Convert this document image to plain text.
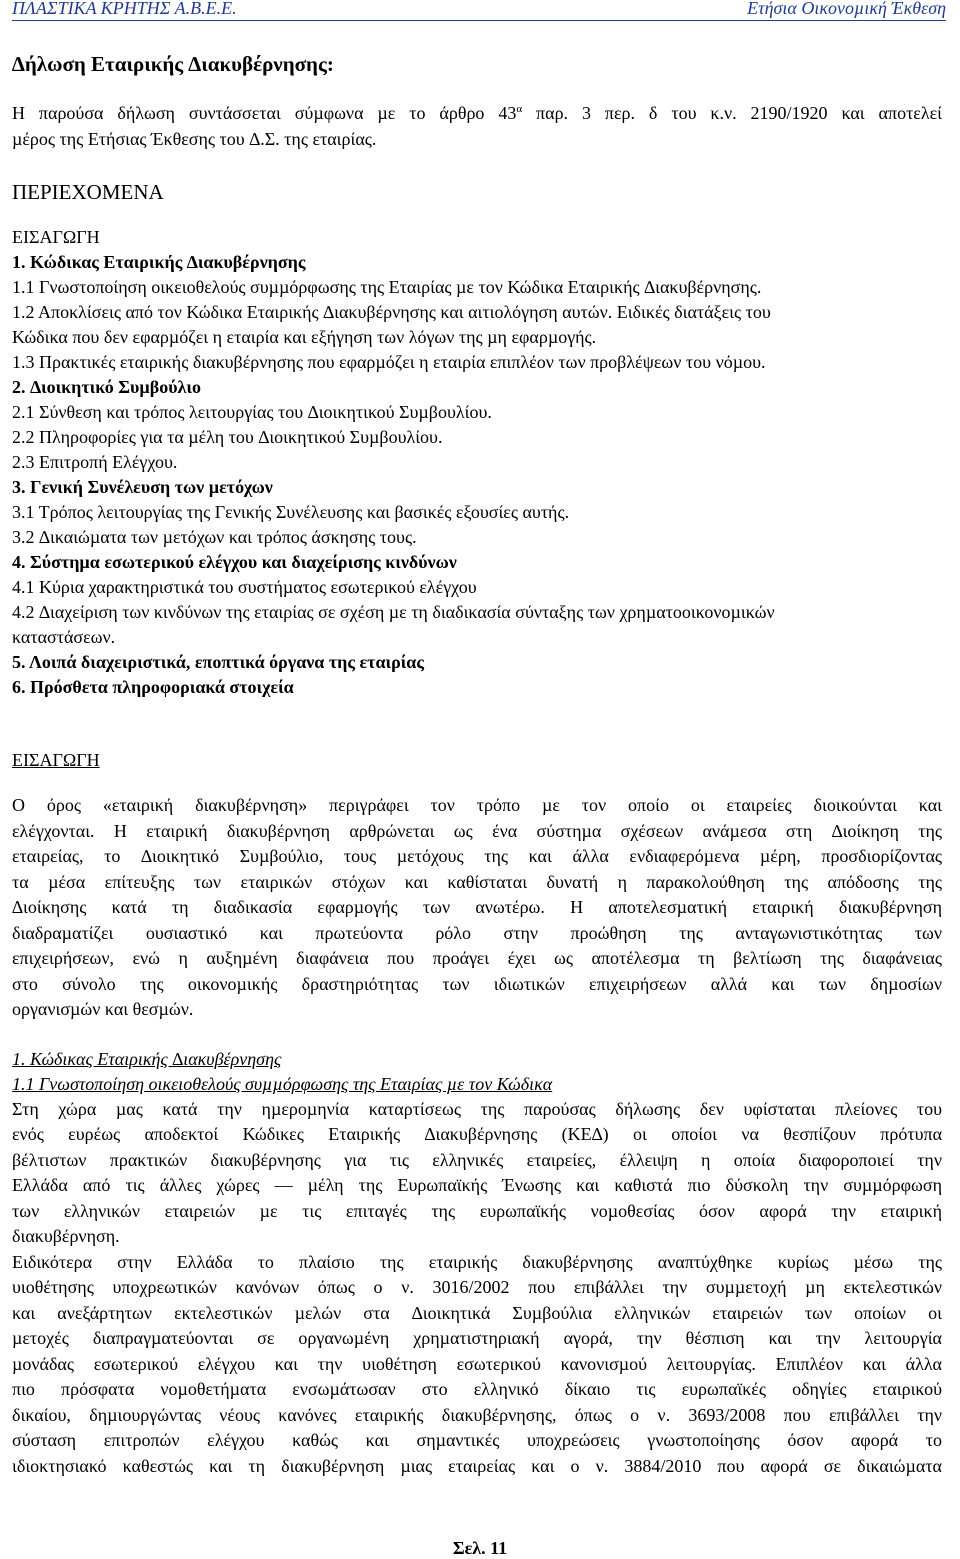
ΠΛΑΣΤΙΚΑ ΚΡΗΤΗΣ Α.Β.Ε.Ε.	Ετήσια Οικονοµική Έκθεση
∆ήλωση Εταιρικής ∆ιακυβέρνησης:
Η παρούσα δήλωση συντάσσεται σύµφωνα µε το άρθρο $43^\alpha$ παρ. 3 περ. δ του κ.ν. 2190/1920 και αποτελεί
µέρος της Ετήσιας Έκθεσης του ∆.Σ. της εταιρίας.
ΠΕΡΙΕΧΟΜΕΝΑ
ΕΙΣΑΓΩΓΗ
1. Κώδικας Εταιρικής ∆ιακυβέρνησης
1.1 Γνωστοποίηση οικειοθελούς συµµόρφωσης της Εταιρίας µε τον Κώδικα Εταιρικής ∆ιακυβέρνησης.
1.2 Αποκλίσεις από τον Κώδικα Εταιρικής ∆ιακυβέρνησης και αιτιολόγηση αυτών. Ειδικές διατάξεις του
Κώδικα που δεν εφαρµόζει η εταιρία και εξήγηση των λόγων της µη εφαρµογής.
1.3 Πρακτικές εταιρικής διακυβέρνησης που εφαρµόζει η εταιρία επιπλέον των προβλέψεων του νόµου.
2. ∆ιοικητικό Συµβούλιο
2.1 Σύνθεση και τρόπος λειτουργίας του ∆ιοικητικού Συµβουλίου.
2.2 Πληροφορίες για τα µέλη του ∆ιοικητικού Συµβουλίου.
2.3 Επιτροπή Ελέγχου.
3. Γενική Συνέλευση των µετόχων
3.1 Τρόπος λειτουργίας της Γενικής Συνέλευσης και βασικές εξουσίες αυτής.
3.2 ∆ικαιώµατα των µετόχων και τρόπος άσκησης τους.
4. Σύστηµα εσωτερικού ελέγχου και διαχείρισης κινδύνων
4.1 Κύρια χαρακτηριστικά του συστήµατος εσωτερικού ελέγχου
4.2 ∆ιαχείριση των κινδύνων της εταιρίας σε σχέση µε τη διαδικασία σύνταξης των χρηµατοοικονοµικών
καταστάσεων.
5. Λοιπά διαχειριστικά, εποπτικά όργανα της εταιρίας
6. Πρόσθετα πληροφοριακά στοιχεία
ΕΙΣΑΓΩΓΗ
Ο όρος «εταιρική διακυβέρνηση» περιγράφει τον τρόπο µε τον οποίο οι εταιρείες διοικούνται και
ελέγχονται. Η εταιρική διακυβέρνηση αρθρώνεται ως ένα σύστηµα σχέσεων ανάµεσα στη ∆ιοίκηση της
εταιρείας, το ∆ιοικητικό Συµβούλιο, τους µετόχους της και άλλα ενδιαφερόµενα µέρη, προσδιορίζοντας
τα µέσα επίτευξης των εταιρικών στόχων και καθίσταται δυνατή η παρακολούθηση της απόδοσης της
∆ιοίκησης κατά τη διαδικασία εφαρµογής των ανωτέρω. Η αποτελεσµατική εταιρική διακυβέρνηση
διαδραµατίζει ουσιαστικό και πρωτεύοντα ρόλο στην προώθηση της ανταγωνιστικότητας των
επιχειρήσεων, ενώ η αυξηµένη διαφάνεια που προάγει έχει ως αποτέλεσµα τη βελτίωση της διαφάνειας
στο σύνολο της οικονοµικής δραστηριότητας των ιδιωτικών επιχειρήσεων αλλά και των δηµοσίων
οργανισµών και θεσµών.
1. Κώδικας Εταιρικής ∆ιακυβέρνησης
1.1 Γνωστοποίηση οικειοθελούς συµµόρφωσης της Εταιρίας µε τον Κώδικα
Στη χώρα µας κατά την ηµεροµηνία καταρτίσεως της παρούσας δήλωσης δεν υφίσταται πλείονες του
ενός ευρέως αποδεκτοί Κώδικες Εταιρικής ∆ιακυβέρνησης (ΚΕ∆) οι οποίοι να θεσπίζουν πρότυπα
βέλτιστων πρακτικών διακυβέρνησης για τις ελληνικές εταιρείες, έλλειψη η οποία διαφοροποιεί την
Ελλάδα από τις άλλες χώρες — µέλη της Ευρωπαϊκής Ένωσης και καθιστά πιο δύσκολη την συµµόρφωση
των ελληνικών εταιρειών µε τις επιταγές της ευρωπαϊκής νοµοθεσίας όσον αφορά την εταιρική
διακυβέρνηση.
Ειδικότερα στην Ελλάδα το πλαίσιο της εταιρικής διακυβέρνησης αναπτύχθηκε κυρίως µέσω της
υιοθέτησης υποχρεωτικών κανόνων όπως ο ν. 3016/2002 που επιβάλλει την συµµετοχή µη εκτελεστικών
και ανεξάρτητων εκτελεστικών µελών στα ∆ιοικητικά Συµβούλια ελληνικών εταιρειών των οποίων οι
µετοχές διαπραγµατεύονται σε οργανωµένη χρηµατιστηριακή αγορά, την θέσπιση και την λειτουργία
µονάδας εσωτερικού ελέγχου και την υιοθέτηση εσωτερικού κανονισµού λειτουργίας. Επιπλέον και άλλα
πιο πρόσφατα νοµοθετήµατα ενσωµάτωσαν στο ελληνικό δίκαιο τις ευρωπαϊκές οδηγίες εταιρικού
δικαίου, δηµιουργώντας νέους κανόνες εταιρικής διακυβέρνησης, όπως ο ν. 3693/2008 που επιβάλλει την
σύσταση επιτροπών ελέγχου καθώς και σηµαντικές υποχρεώσεις γνωστοποίησης όσον αφορά το
ιδιοκτησιακό καθεστώς και τη διακυβέρνηση µιας εταιρείας και ο ν. 3884/2010 που αφορά σε δικαιώµατα
Σελ. 11
